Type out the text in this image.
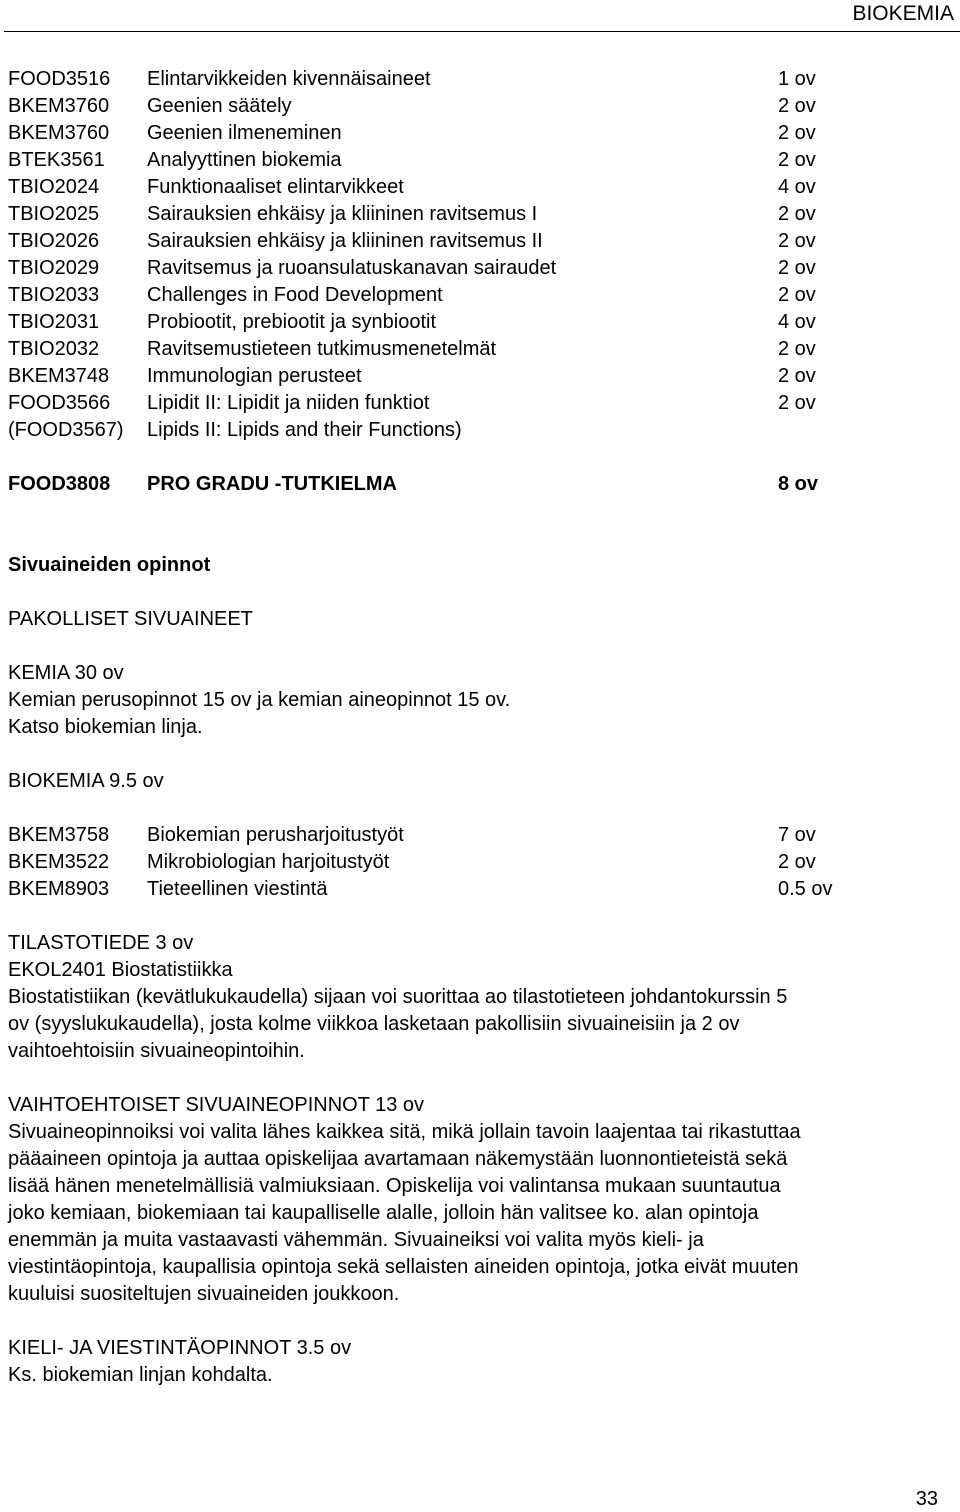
BIOKEMIA
FOOD3516	Elintarvikkeiden kivennäisaineet	1 ov
BKEM3760	Geenien säätely	2 ov
BKEM3760	Geenien ilmeneminen	2 ov
BTEK3561	Analyyttinen biokemia	2 ov
TBIO2024	Funktionaaliset elintarvikkeet	4 ov
TBIO2025	Sairauksien ehkäisy ja kliininen ravitsemus I	2 ov
TBIO2026	Sairauksien ehkäisy ja kliininen ravitsemus II	2 ov
TBIO2029	Ravitsemus ja ruoansulatuskanavan sairaudet	2 ov
TBIO2033	Challenges in Food Development	2 ov
TBIO2031	Probiootit, prebiootit ja synbiootit	4 ov
TBIO2032	Ravitsemustieteen tutkimusmenetelmät	2 ov
BKEM3748	Immunologian perusteet	2 ov
FOOD3566	Lipidit II: Lipidit ja niiden funktiot	2 ov
(FOOD3567)	Lipids II: Lipids and their Functions)
FOOD3808	PRO GRADU -TUTKIELMA	8 ov
Sivuaineiden opinnot
PAKOLLISET SIVUAINEET
KEMIA 30 ov
Kemian perusopinnot 15 ov ja kemian aineopinnot 15 ov.
Katso biokemian linja.
BIOKEMIA 9.5 ov
BKEM3758	Biokemian perusharjoitustyöt	7 ov
BKEM3522	Mikrobiologian harjoitustyöt	2 ov
BKEM8903	Tieteellinen viestintä	0.5 ov
TILASTOTIEDE 3 ov
EKOL2401 Biostatistiikka
Biostatistiikan (kevätlukukaudella) sijaan voi suorittaa ao tilastotieteen johdantokurssin 5
ov (syyslukukaudella), josta kolme viikkoa lasketaan pakollisiin sivuaineisiin ja 2 ov
vaihtoehtoisiin sivuaineopintoihin.
VAIHTOEHTOISET SIVUAINEOPINNOT 13 ov
Sivuaineopinnoiksi voi valita lähes kaikkea sitä, mikä jollain tavoin laajentaa tai rikastuttaa
pääaineen opintoja ja auttaa opiskelijaa avartamaan näkemystään luonnontieteistä sekä
lisää hänen menetelmällisiä valmiuksiaan. Opiskelija voi valintansa mukaan suuntautua
joko kemiaan, biokemiaan tai kaupalliselle alalle, jolloin hän valitsee ko. alan opintoja
enemmän ja muita vastaavasti vähemmän. Sivuaineiksi voi valita myös kieli- ja
viestintäopintoja, kaupallisia opintoja sekä sellaisten aineiden opintoja, jotka eivät muuten
kuuluisi suositeltujen sivuaineiden joukkoon.
KIELI- JA VIESTINTÄOPINNOT 3.5 ov
Ks. biokemian linjan kohdalta.
33
